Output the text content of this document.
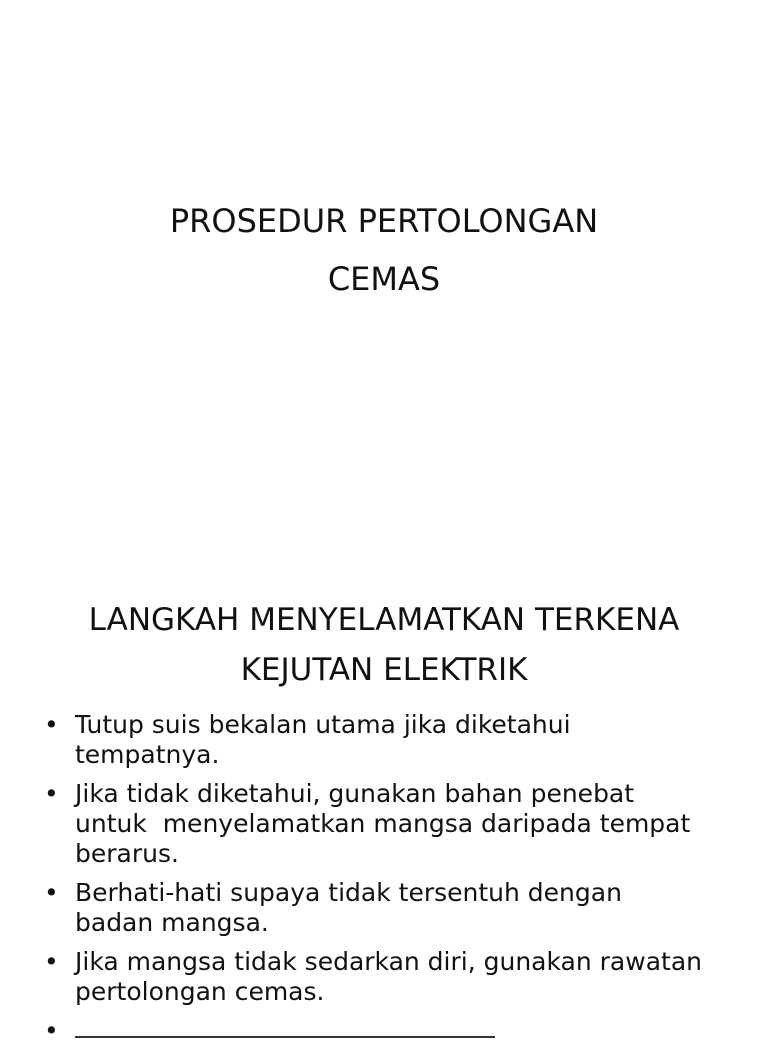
PROSEDUR PERTOLONGAN
CEMAS
LANGKAH MENYELAMATKAN TERKENA
KEJUTAN ELEKTRIK
• Tutup suis bekalan utama jika diketahui
tempatnya.
• Jika tidak diketahui, gunakan bahan penebat
untuk  menyelamatkan mangsa daripada tempat
berarus.
• Berhati-hati supaya tidak tersentuh dengan
badan mangsa.
• Jika mangsa tidak sedarkan diri, gunakan rawatan
pertolongan cemas.
•
